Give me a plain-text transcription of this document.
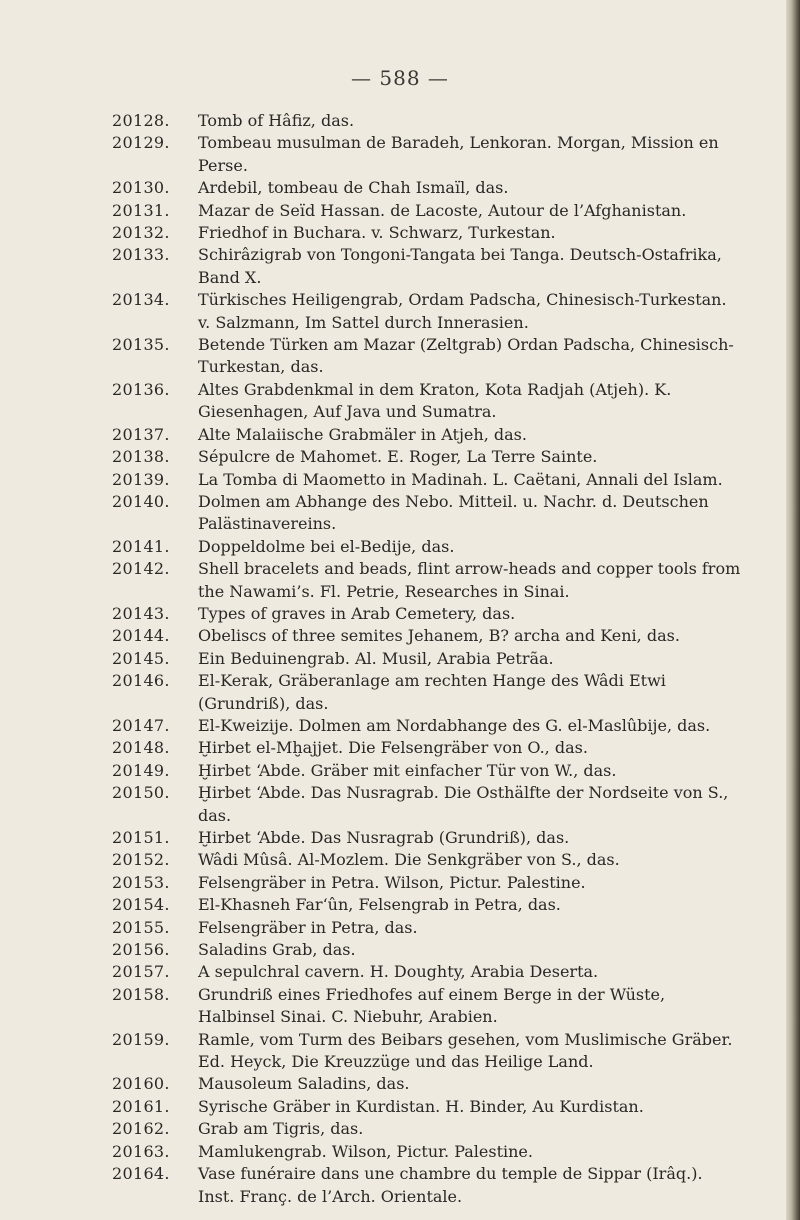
— 588 —
20128.	Tomb of Hâfiz, das.
20129.	Tombeau musulman de Baradeh, Lenkoran. Morgan, Mission en Perse.
20130.	Ardebil, tombeau de Chah Ismaïl, das.
20131.	Mazar de Seïd Hassan. de Lacoste, Autour de l’Afghanistan.
20132.	Friedhof in Buchara. v. Schwarz, Turkestan.
20133.	Schirâzigrab von Tongoni-Tangata bei Tanga. Deutsch-Ostafrika, Band X.
20134.	Türkisches Heiligengrab, Ordam Padscha, Chinesisch-Turkestan. v. Salzmann, Im Sattel durch Innerasien.
20135.	Betende Türken am Mazar (Zeltgrab) Ordan Padscha, Chinesisch-Turkestan, das.
20136.	Altes Grabdenkmal in dem Kraton, Kota Radjah (Atjeh). K. Giesenhagen, Auf Java und Sumatra.
20137.	Alte Malaiische Grabmäler in Atjeh, das.
20138.	Sépulcre de Mahomet. E. Roger, La Terre Sainte.
20139.	La Tomba di Maometto in Madinah. L. Caëtani, Annali del Islam.
20140.	Dolmen am Abhange des Nebo. Mitteil. u. Nachr. d. Deutschen Palästinavereins.
20141.	Doppeldolme bei el-Bedije, das.
20142.	Shell bracelets and beads, flint arrow-heads and copper tools from the Nawami’s. Fl. Petrie, Researches in Sinai.
20143.	Types of graves in Arab Cemetery, das.
20144.	Obeliscs of three semites Jehanem, B? archa and Keni, das.
20145.	Ein Beduinengrab. Al. Musil, Arabia Petrãa.
20146.	El-Kerak, Gräberanlage am rechten Hange des Wâdi Etwi (Grundriß), das.
20147.	El-Kweizije. Dolmen am Nordabhange des G. el-Maslûbije, das.
20148.	Ḫirbet el-Mḫajjet. Die Felsengräber von O., das.
20149.	Ḫirbet ‘Abde. Gräber mit einfacher Tür von W., das.
20150.	Ḫirbet ‘Abde. Das Nusragrab. Die Osthälfte der Nordseite von S., das.
20151.	Ḫirbet ‘Abde. Das Nusragrab (Grundriß), das.
20152.	Wâdi Mûsâ. Al-Mozlem. Die Senkgräber von S., das.
20153.	Felsengräber in Petra. Wilson, Pictur. Palestine.
20154.	El-Khasneh Far‘ûn, Felsengrab in Petra, das.
20155.	Felsengräber in Petra, das.
20156.	Saladins Grab, das.
20157.	A sepulchral cavern. H. Doughty, Arabia Deserta.
20158.	Grundriß eines Friedhofes auf einem Berge in der Wüste, Halbinsel Sinai. C. Niebuhr, Arabien.
20159.	Ramle, vom Turm des Beibars gesehen, vom Muslimische Gräber. Ed. Heyck, Die Kreuzzüge und das Heilige Land.
20160.	Mausoleum Saladins, das.
20161.	Syrische Gräber in Kurdistan. H. Binder, Au Kurdistan.
20162.	Grab am Tigris, das.
20163.	Mamlukengrab. Wilson, Pictur. Palestine.
20164.	Vase funéraire dans une chambre du temple de Sippar (Irâq.). Inst. Franç. de l’Arch. Orientale.
